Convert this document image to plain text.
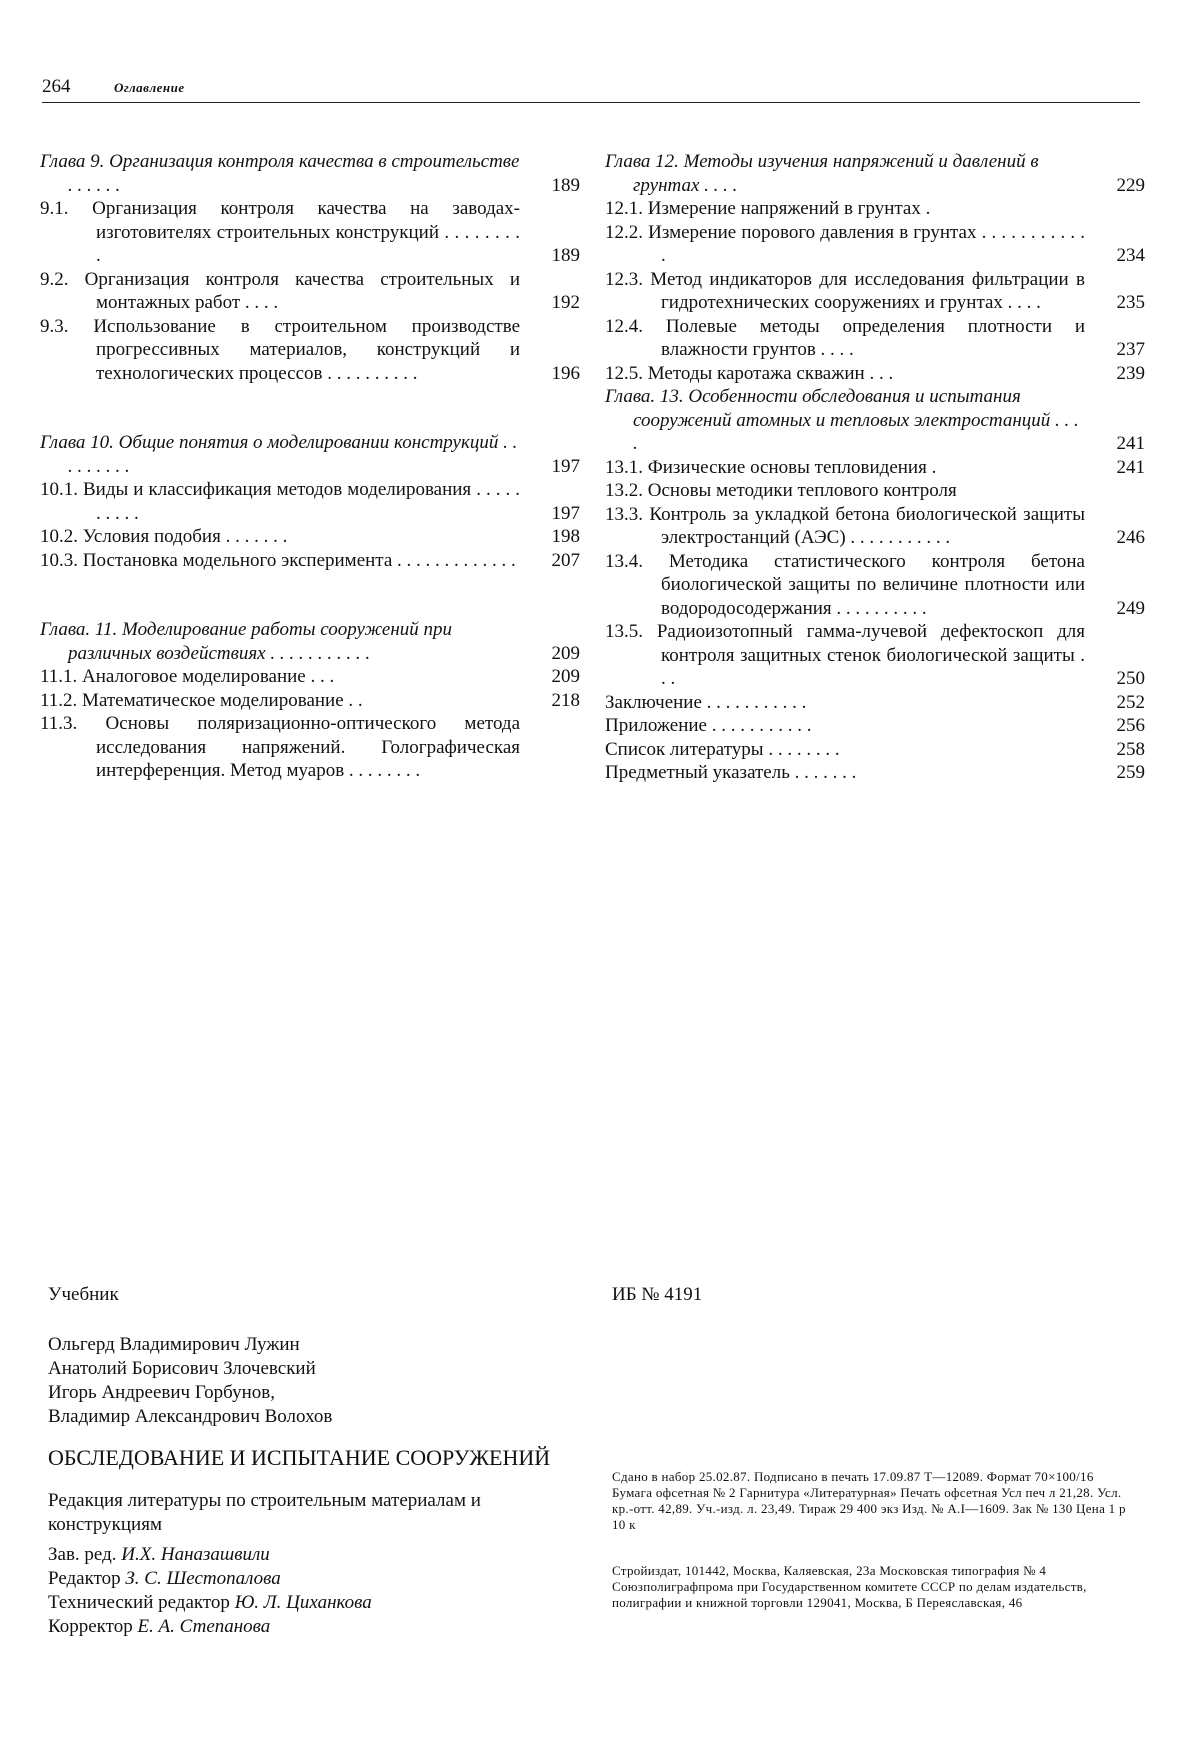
264	Оглавление
Глава 9. Организация контроля качества в строительстве . . . . . .	189
9.1. Организация контроля качества на заводах-изготовителях строительных конструкций . . . . . . . . .	189
9.2. Организация контроля качества строительных и монтажных работ . . . .	192
9.3. Использование в строительном производстве прогрессивных материалов, конструкций и технологических процессов . . . . . . . . . .	196
Глава 10. Общие понятия о моделировании конструкций . . . . . . . . .	197
10.1. Виды и классификация методов моделирования . . . . . . . . . .	197
10.2. Условия подобия . . . . . . .	198
10.3. Постановка модельного эксперимента . . . . . . . . . . . . .	207
Глава. 11. Моделирование работы сооружений при различных воздействиях . . . . . . . . . . .	209
11.1. Аналоговое моделирование . . .	209
11.2. Математическое моделирование . .	218
11.3. Основы поляризационно-оптического метода исследования напряжений. Голографическая интерференция. Метод муаров . . . . . . . .
Глава 12. Методы изучения напряжений и давлений в грунтах . . . .	229
12.1. Измерение напряжений в грунтах .
12.2. Измерение порового давления в грунтах . . . . . . . . . . . .	234
12.3. Метод индикаторов для исследования фильтрации в гидротехнических сооружениях и грунтах . . . .	235
12.4. Полевые методы определения плотности и влажности грунтов . . . .	237
12.5. Методы каротажа скважин . . .	239
Глава. 13. Особенности обследования и испытания сооружений атомных и тепловых электростанций . . . .	241
13.1. Физические основы тепловидения .	241
13.2. Основы методики теплового контроля
13.3. Контроль за укладкой бетона биологической защиты электростанций (АЭС) . . . . . . . . . . .	246
13.4. Методика статистического контроля бетона биологической защиты по величине плотности или водородосодержания . . . . . . . . . .	249
13.5. Радиоизотопный гамма-лучевой дефектоскоп для контроля защитных стенок биологической защиты . . .	250
Заключение . . . . . . . . . . .	252
Приложение . . . . . . . . . . .	256
Список литературы . . . . . . . .	258
Предметный указатель . . . . . . .	259
Учебник
Ольгерд Владимирович Лужин
Анатолий Борисович Злочевский
Игорь Андреевич Горбунов,
Владимир Александрович Волохов
ОБСЛЕДОВАНИЕ И ИСПЫТАНИЕ СООРУЖЕНИЙ
Редакция литературы по строительным материалам и конструкциям
Зав. ред. И.Х. Наназашвили
Редактор З. С. Шестопалова
Технический редактор Ю. Л. Циханкова
Корректор Е. А. Степанова
ИБ № 4191
Сдано в набор 25.02.87. Подписано в печать 17.09.87 Т—12089. Формат 70×100/16 Бумага офсетная № 2 Гарнитура «Литературная» Печать офсетная Усл печ л 21,28. Усл. кр.-отт. 42,89. Уч.-изд. л. 23,49. Тираж 29 400 экз Изд. № А.I—1609. Зак № 130 Цена 1 р 10 к
Стройиздат, 101442, Москва, Каляевская, 23а Московская типография № 4 Союзполиграфпрома при Государственном комитете СССР по делам издательств, полиграфии и книжной торговли 129041, Москва, Б Переяславская, 46
